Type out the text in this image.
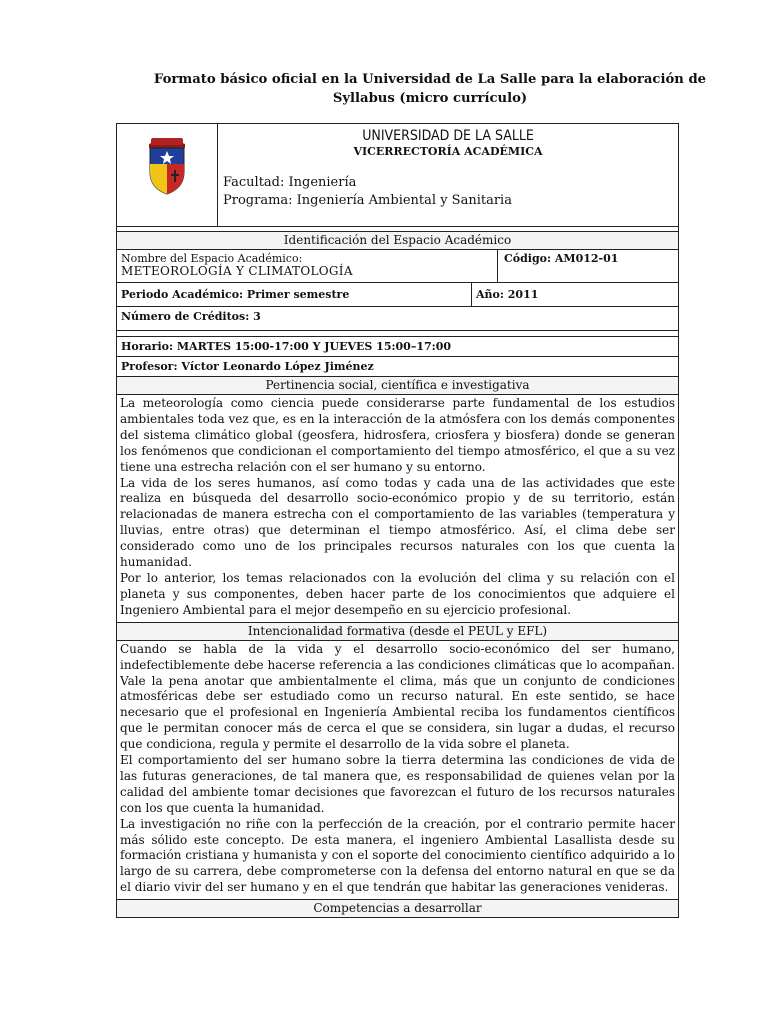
Formato básico oficial en la Universidad de La Salle para la elaboración de Syllabus (micro currículo)
UNIVERSIDAD DE LA SALLE
VICERRECTORÍA ACADÉMICA
Facultad: Ingeniería
Programa: Ingeniería Ambiental y Sanitaria
Identificación del Espacio Académico
Nombre del Espacio Académico:
METEOROLOGÍA Y CLIMATOLOGÍA
Código: AM012-01
Periodo Académico: Primer semestre	Año: 2011
Número de Créditos: 3
Horario: MARTES 15:00-17:00 Y JUEVES 15:00–17:00
Profesor: Víctor Leonardo López Jiménez
Pertinencia social, científica e investigativa

La meteorología como ciencia puede considerarse parte fundamental de los estudios ambientales toda vez que, es en la interacción de la atmósfera con los demás componentes del sistema climático global (geosfera, hidrosfera, criosfera y biosfera) donde se generan los fenómenos que condicionan el comportamiento del tiempo atmosférico, el que a su vez tiene una estrecha relación con el ser humano y su entorno.

La vida de los seres humanos, así como todas y cada una de las actividades que este realiza en búsqueda del desarrollo socio-económico propio y de su territorio, están relacionadas de manera estrecha con el comportamiento de las variables (temperatura y lluvias, entre otras) que determinan el tiempo atmosférico. Así, el clima debe ser considerado como uno de los principales recursos naturales con los que cuenta la humanidad.

Por lo anterior, los temas relacionados con la evolución del clima y su relación con el planeta y sus componentes, deben hacer parte de los conocimientos que adquiere el Ingeniero Ambiental para el mejor desempeño en su ejercicio profesional.

Intencionalidad formativa (desde el PEUL y EFL)

Cuando se habla de la vida y el desarrollo socio-económico del ser humano, indefectiblemente debe hacerse referencia a las condiciones climáticas que lo acompañan. Vale la pena anotar que ambientalmente el clima, más que un conjunto de condiciones atmosféricas debe ser estudiado como un recurso natural. En este sentido, se hace necesario que el profesional en Ingeniería Ambiental reciba los fundamentos científicos que le permitan conocer más de cerca el que se considera, sin lugar a dudas, el recurso que condiciona, regula y permite el desarrollo de la vida sobre el planeta.

El comportamiento del ser humano sobre la tierra determina las condiciones de vida de las futuras generaciones, de tal manera que, es responsabilidad de quienes velan por la calidad del ambiente tomar decisiones que favorezcan el futuro de los recursos naturales con los que cuenta la humanidad.

La investigación no riñe con la perfección de la creación, por el contrario permite hacer más sólido este concepto. De esta manera, el ingeniero Ambiental Lasallista desde su formación cristiana y humanista y con el soporte del conocimiento científico adquirido a lo largo de su carrera, debe comprometerse con la defensa del entorno natural en que se da el diario vivir del ser humano y en el que tendrán que habitar las generaciones venideras.

Competencias a desarrollar
